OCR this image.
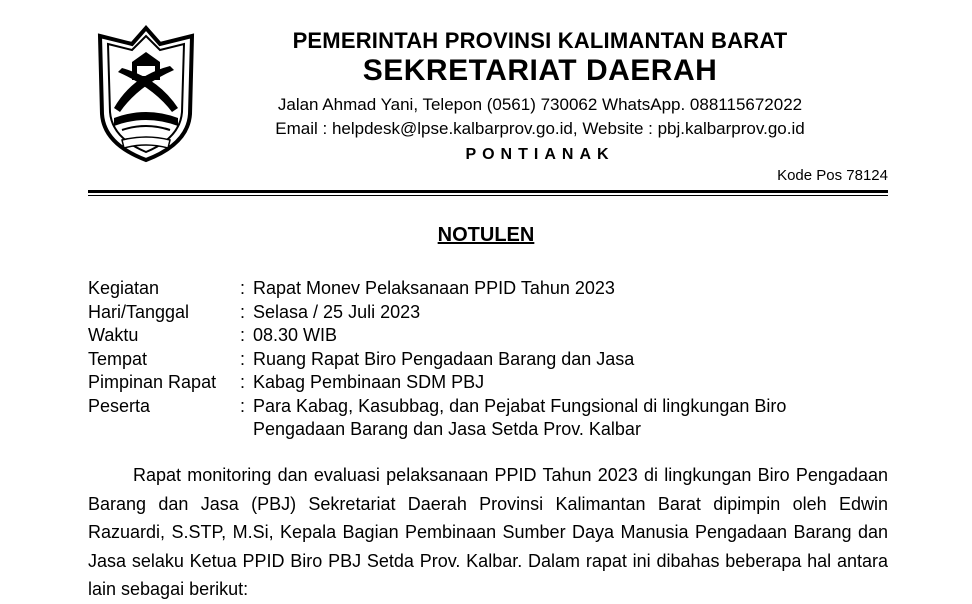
PEMERINTAH PROVINSI KALIMANTAN BARAT
SEKRETARIAT DAERAH
Jalan Ahmad Yani, Telepon (0561) 730062 WhatsApp. 088115672022
Email : helpdesk@lpse.kalbarprov.go.id, Website : pbj.kalbarprov.go.id
PONTIANAK
Kode Pos 78124
NOTULEN
Kegiatan	: Rapat Monev Pelaksanaan PPID Tahun 2023
Hari/Tanggal	: Selasa / 25 Juli 2023
Waktu	: 08.30 WIB
Tempat	: Ruang Rapat Biro Pengadaan Barang dan Jasa
Pimpinan Rapat	: Kabag Pembinaan SDM PBJ
Peserta	: Para Kabag, Kasubbag, dan Pejabat Fungsional di lingkungan Biro Pengadaan Barang dan Jasa Setda Prov. Kalbar
Rapat monitoring dan evaluasi pelaksanaan PPID Tahun 2023 di lingkungan Biro Pengadaan Barang dan Jasa (PBJ) Sekretariat Daerah Provinsi Kalimantan Barat dipimpin oleh Edwin Razuardi, S.STP, M.Si, Kepala Bagian Pembinaan Sumber Daya Manusia Pengadaan Barang dan Jasa selaku Ketua PPID Biro PBJ Setda Prov. Kalbar. Dalam rapat ini dibahas beberapa hal antara lain sebagai berikut:
